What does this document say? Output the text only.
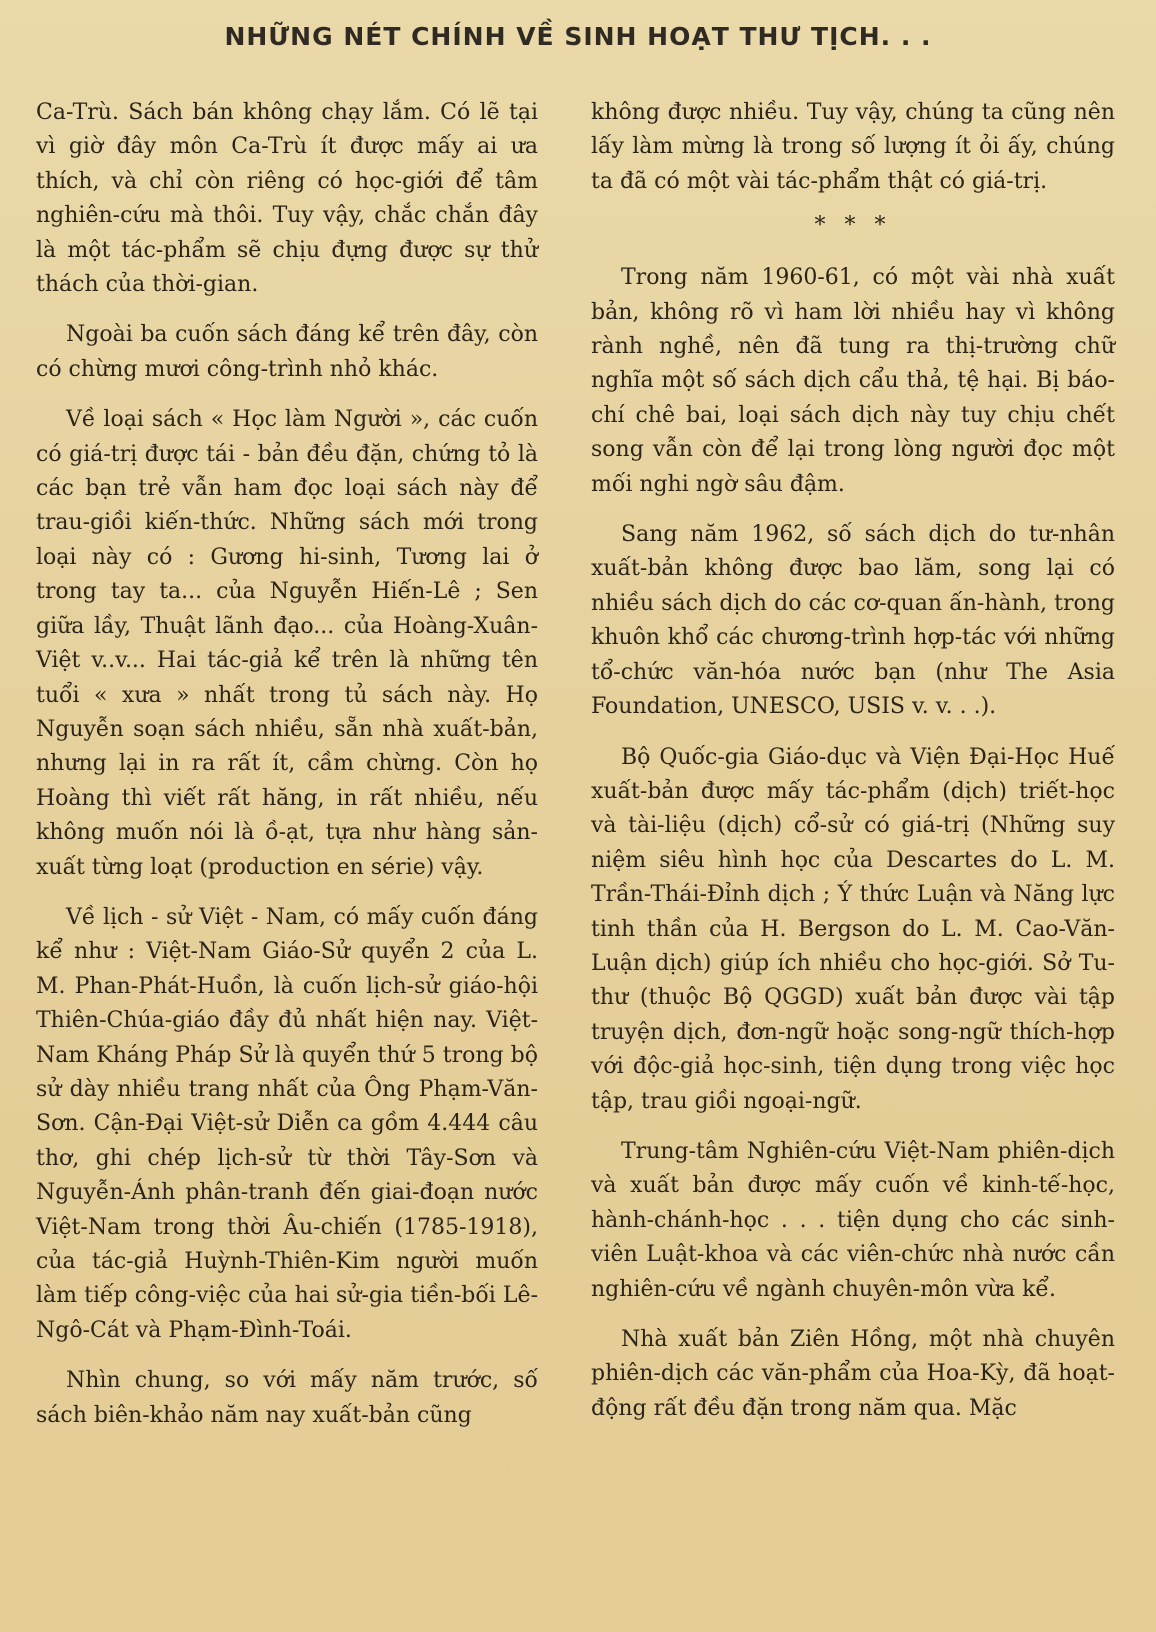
NHỮNG NÉT CHÍNH VỀ SINH HOẠT THƯ TỊCH. . .

Ca-Trù. Sách bán không chạy lắm. Có lẽ tại vì giờ đây môn Ca-Trù ít được mấy ai ưa thích, và chỉ còn riêng có học-giới để tâm nghiên-cứu mà thôi. Tuy vậy, chắc chắn đây là một tác-phẩm sẽ chịu đựng được sự thử thách của thời-gian.

Ngoài ba cuốn sách đáng kể trên đây, còn có chừng mươi công-trình nhỏ khác.

Về loại sách « Học làm Người », các cuốn có giá-trị được tái - bản đều đặn, chứng tỏ là các bạn trẻ vẫn ham đọc loại sách này để trau-giồi kiến-thức. Những sách mới trong loại này có : Gương hi-sinh, Tương lai ở trong tay ta... của Nguyễn Hiến-Lê ; Sen giữa lầy, Thuật lãnh đạo... của Hoàng-Xuân-Việt v..v... Hai tác-giả kể trên là những tên tuổi « xưa » nhất trong tủ sách này. Họ Nguyễn soạn sách nhiều, sẵn nhà xuất-bản, nhưng lại in ra rất ít, cầm chừng. Còn họ Hoàng thì viết rất hăng, in rất nhiều, nếu không muốn nói là ồ-ạt, tựa như hàng sản-xuất từng loạt (production en série) vậy.

Về lịch - sử Việt - Nam, có mấy cuốn đáng kể như : Việt-Nam Giáo-Sử quyển 2 của L. M. Phan-Phát-Huồn, là cuốn lịch-sử giáo-hội Thiên-Chúa-giáo đầy đủ nhất hiện nay. Việt-Nam Kháng Pháp Sử là quyển thứ 5 trong bộ sử dày nhiều trang nhất của Ông Phạm-Văn-Sơn. Cận-Đại Việt-sử Diễn ca gồm 4.444 câu thơ, ghi chép lịch-sử từ thời Tây-Sơn và Nguyễn-Ánh phân-tranh đến giai-đoạn nước Việt-Nam trong thời Âu-chiến (1785-1918), của tác-giả Huỳnh-Thiên-Kim người muốn làm tiếp công-việc của hai sử-gia tiền-bối Lê-Ngô-Cát và Phạm-Đình-Toái.

Nhìn chung, so với mấy năm trước, số sách biên-khảo năm nay xuất-bản cũng

không được nhiều. Tuy vậy, chúng ta cũng nên lấy làm mừng là trong số lượng ít ỏi ấy, chúng ta đã có một vài tác-phẩm thật có giá-trị.

* * *

Trong năm 1960-61, có một vài nhà xuất bản, không rõ vì ham lời nhiều hay vì không rành nghề, nên đã tung ra thị-trường chữ nghĩa một số sách dịch cẩu thả, tệ hại. Bị báo-chí chê bai, loại sách dịch này tuy chịu chết song vẫn còn để lại trong lòng người đọc một mối nghi ngờ sâu đậm.

Sang năm 1962, số sách dịch do tư-nhân xuất-bản không được bao lăm, song lại có nhiều sách dịch do các cơ-quan ấn-hành, trong khuôn khổ các chương-trình hợp-tác với những tổ-chức văn-hóa nước bạn (như The Asia Foundation, UNESCO, USIS v. v. . .).

Bộ Quốc-gia Giáo-dục và Viện Đại-Học Huế xuất-bản được mấy tác-phẩm (dịch) triết-học và tài-liệu (dịch) cổ-sử có giá-trị (Những suy niệm siêu hình học của Descartes do L. M. Trần-Thái-Đỉnh dịch ; Ý thức Luận và Năng lực tinh thần của H. Bergson do L. M. Cao-Văn-Luận dịch) giúp ích nhiều cho học-giới. Sở Tu-thư (thuộc Bộ QGGD) xuất bản được vài tập truyện dịch, đơn-ngữ hoặc song-ngữ thích-hợp với độc-giả học-sinh, tiện dụng trong việc học tập, trau giồi ngoại-ngữ.

Trung-tâm Nghiên-cứu Việt-Nam phiên-dịch và xuất bản được mấy cuốn về kinh-tế-học, hành-chánh-học . . . tiện dụng cho các sinh-viên Luật-khoa và các viên-chức nhà nước cần nghiên-cứu về ngành chuyên-môn vừa kể.

Nhà xuất bản Ziên Hồng, một nhà chuyên phiên-dịch các văn-phẩm của Hoa-Kỳ, đã hoạt-động rất đều đặn trong năm qua. Mặc
